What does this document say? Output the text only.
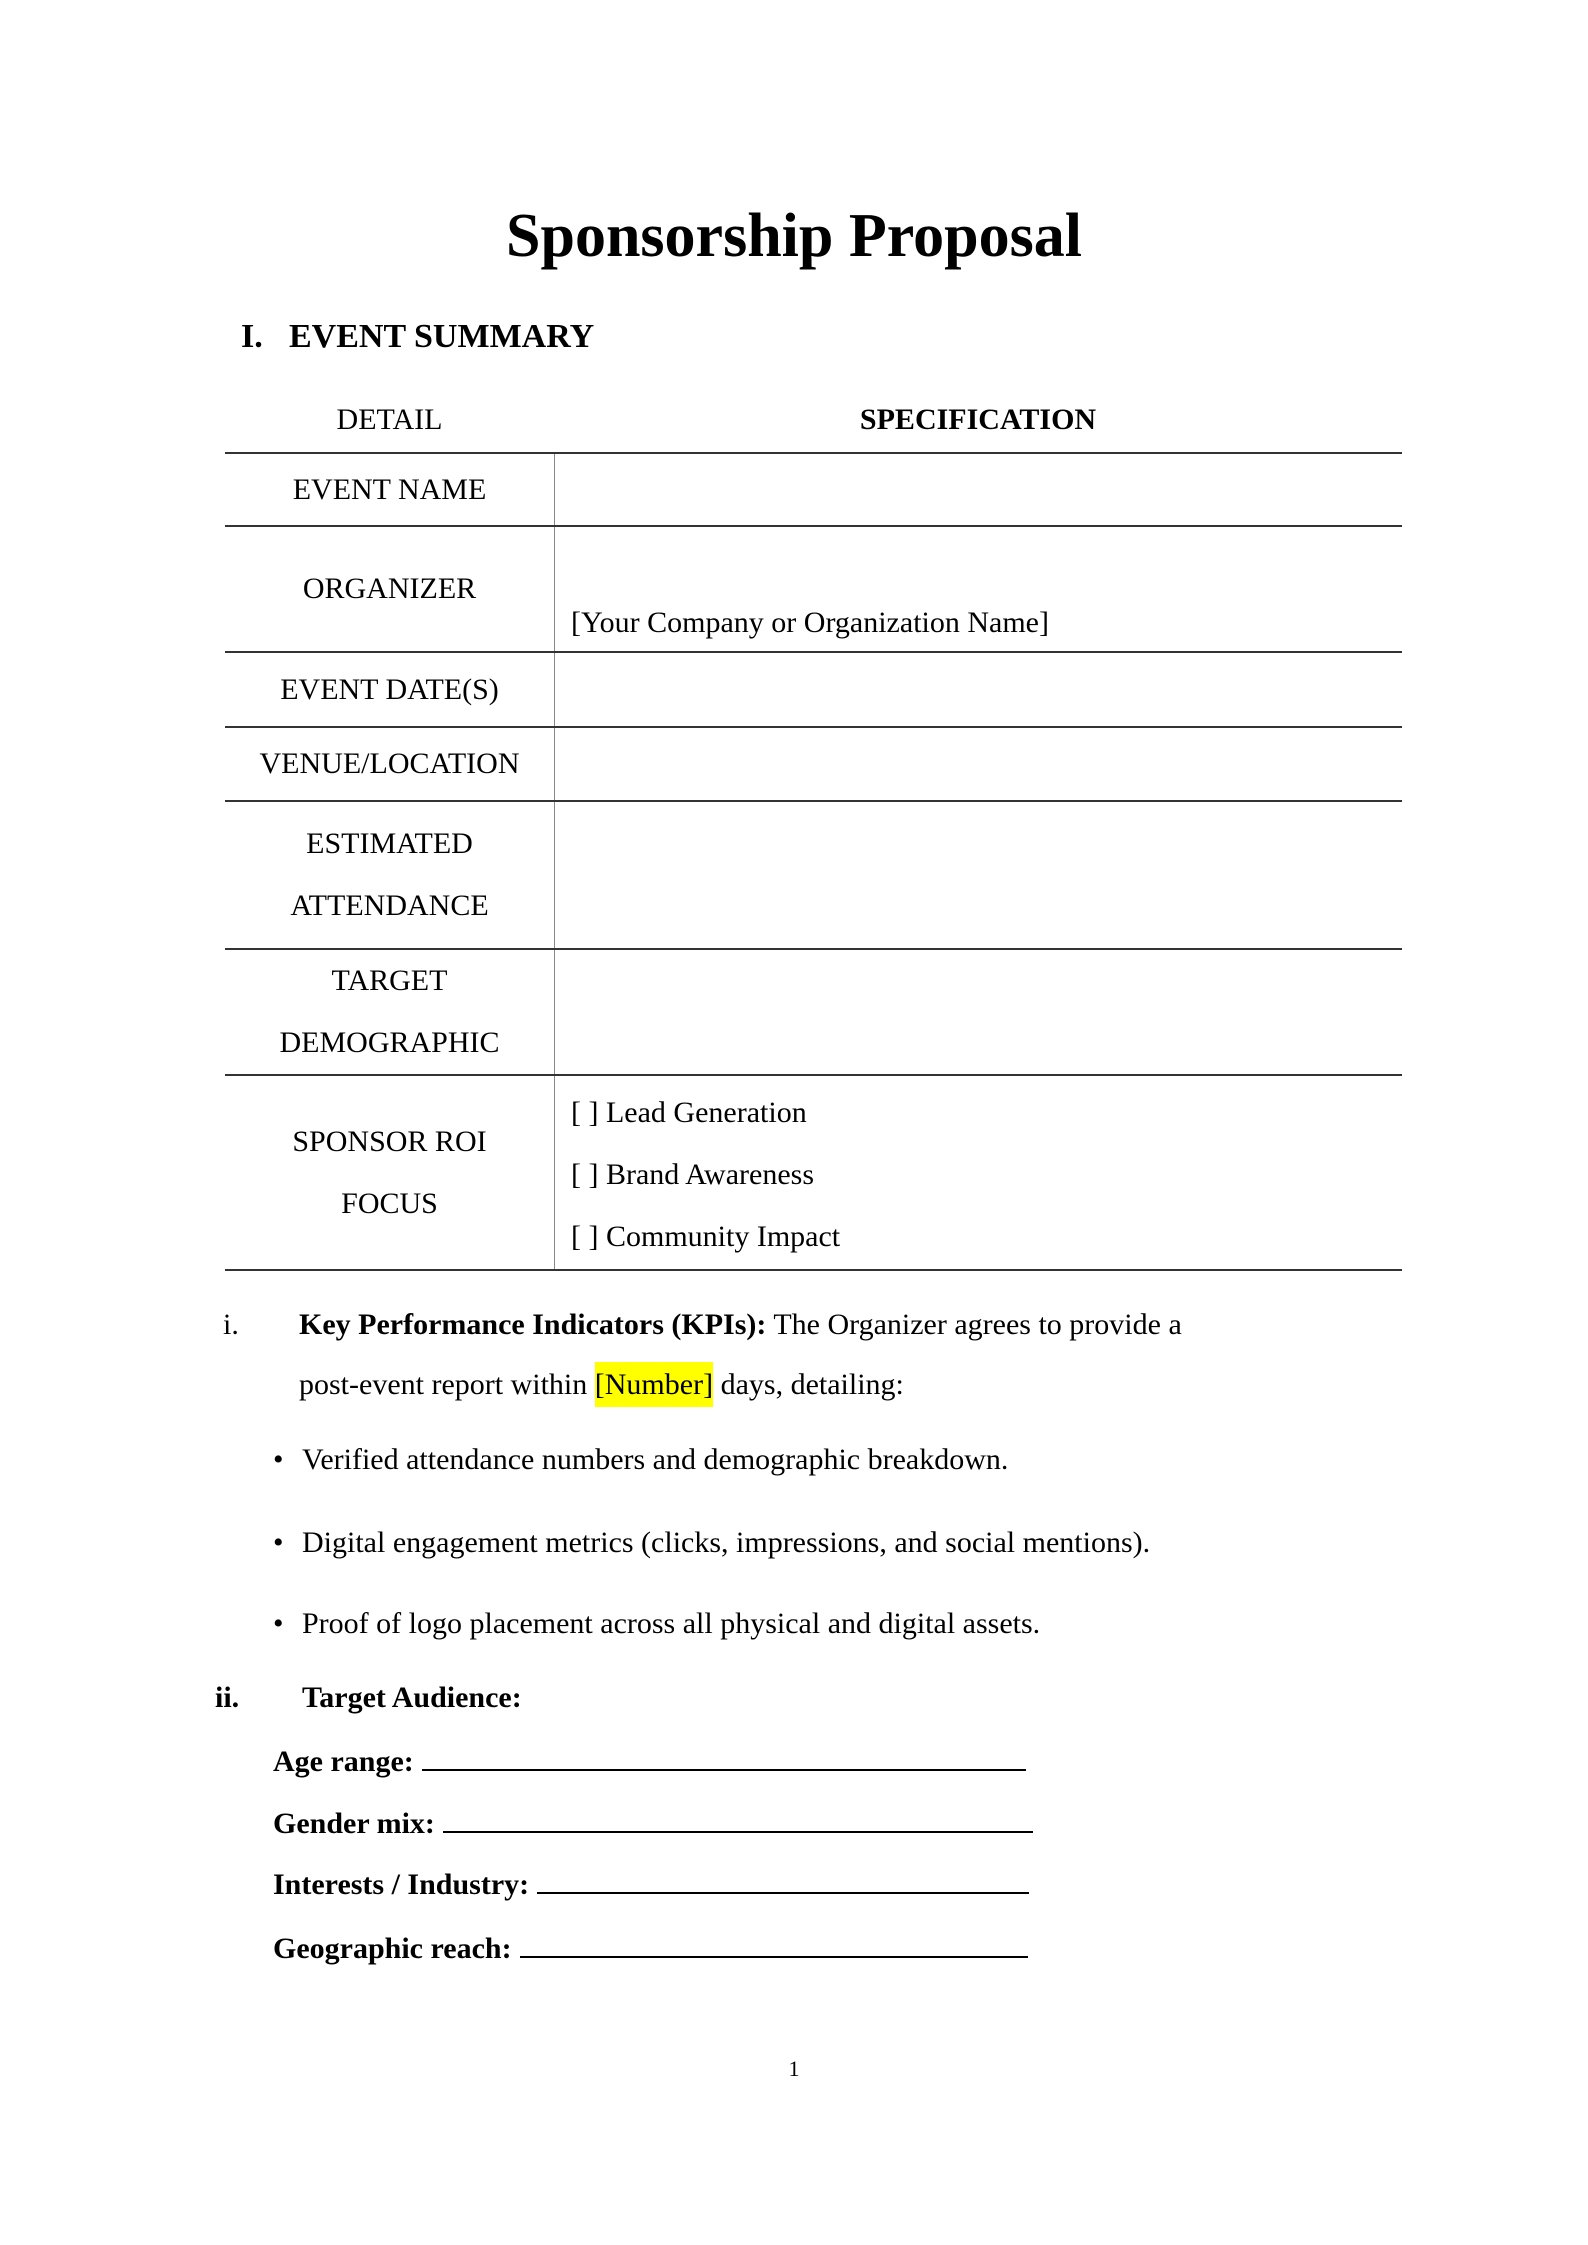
Sponsorship Proposal
I. EVENT SUMMARY
DETAIL	SPECIFICATION
EVENT NAME
ORGANIZER
[Your Company or Organization Name]
EVENT DATE(S)
VENUE/LOCATION
ESTIMATED
ATTENDANCE
TARGET
DEMOGRAPHIC
SPONSOR ROI
FOCUS
[ ] Lead Generation
[ ] Brand Awareness
[ ] Community Impact
i. Key Performance Indicators (KPIs): The Organizer agrees to provide a
post-event report within [Number] days, detailing:
• Verified attendance numbers and demographic breakdown.
• Digital engagement metrics (clicks, impressions, and social mentions).
• Proof of logo placement across all physical and digital assets.
ii. Target Audience:
Age range:
Gender mix:
Interests / Industry:
Geographic reach:
1
